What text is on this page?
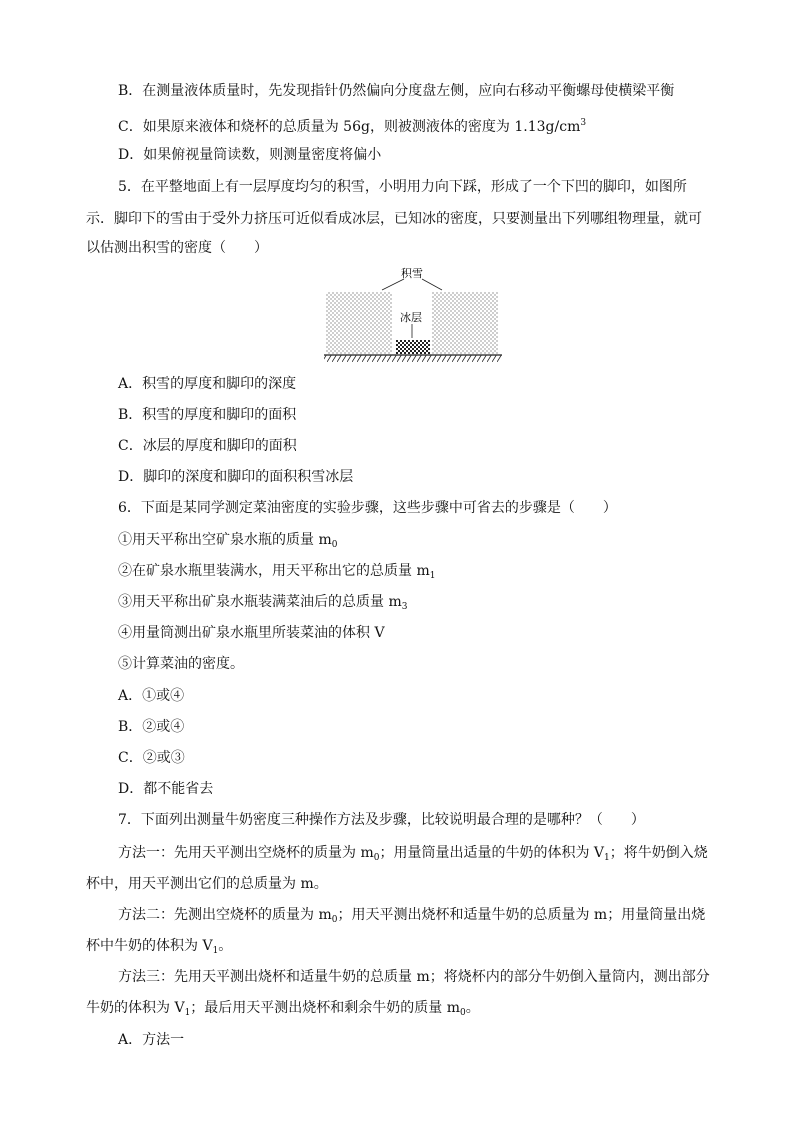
B．在测量液体质量时，先发现指针仍然偏向分度盘左侧，应向右移动平衡螺母使横梁平衡
C．如果原来液体和烧杯的总质量为 56g，则被测液体的密度为 $1.13g/cm^3$
D．如果俯视量筒读数，则测量密度将偏小
5．在平整地面上有一层厚度均匀的积雪，小明用力向下踩，形成了一个下凹的脚印，如图所
示．脚印下的雪由于受外力挤压可近似看成冰层，已知冰的密度，只要测量出下列哪组物理量，就可
以估测出积雪的密度（　　）
积雪
冰层
A．积雪的厚度和脚印的深度
B．积雪的厚度和脚印的面积
C．冰层的厚度和脚印的面积
D．脚印的深度和脚印的面积积雪冰层
6．下面是某同学测定菜油密度的实验步骤，这些步骤中可省去的步骤是（　　）
①用天平称出空矿泉水瓶的质量 $m_0$
②在矿泉水瓶里装满水，用天平称出它的总质量 $m_1$
③用天平称出矿泉水瓶装满菜油后的总质量 $m_3$
④用量筒测出矿泉水瓶里所装菜油的体积 V
⑤计算菜油的密度。
A．①或④
B．②或④
C．②或③
D．都不能省去
7．下面列出测量牛奶密度三种操作方法及步骤，比较说明最合理的是哪种？（　　）
方法一：先用天平测出空烧杯的质量为 $m_0$；用量筒量出适量的牛奶的体积为 $V_1$；将牛奶倒入烧
杯中，用天平测出它们的总质量为 m。
方法二：先测出空烧杯的质量为 $m_0$；用天平测出烧杯和适量牛奶的总质量为 m；用量筒量出烧
杯中牛奶的体积为 $V_1$。
方法三：先用天平测出烧杯和适量牛奶的总质量 m；将烧杯内的部分牛奶倒入量筒内，测出部分
牛奶的体积为 $V_1$；最后用天平测出烧杯和剩余牛奶的质量 $m_0$。
A．方法一
